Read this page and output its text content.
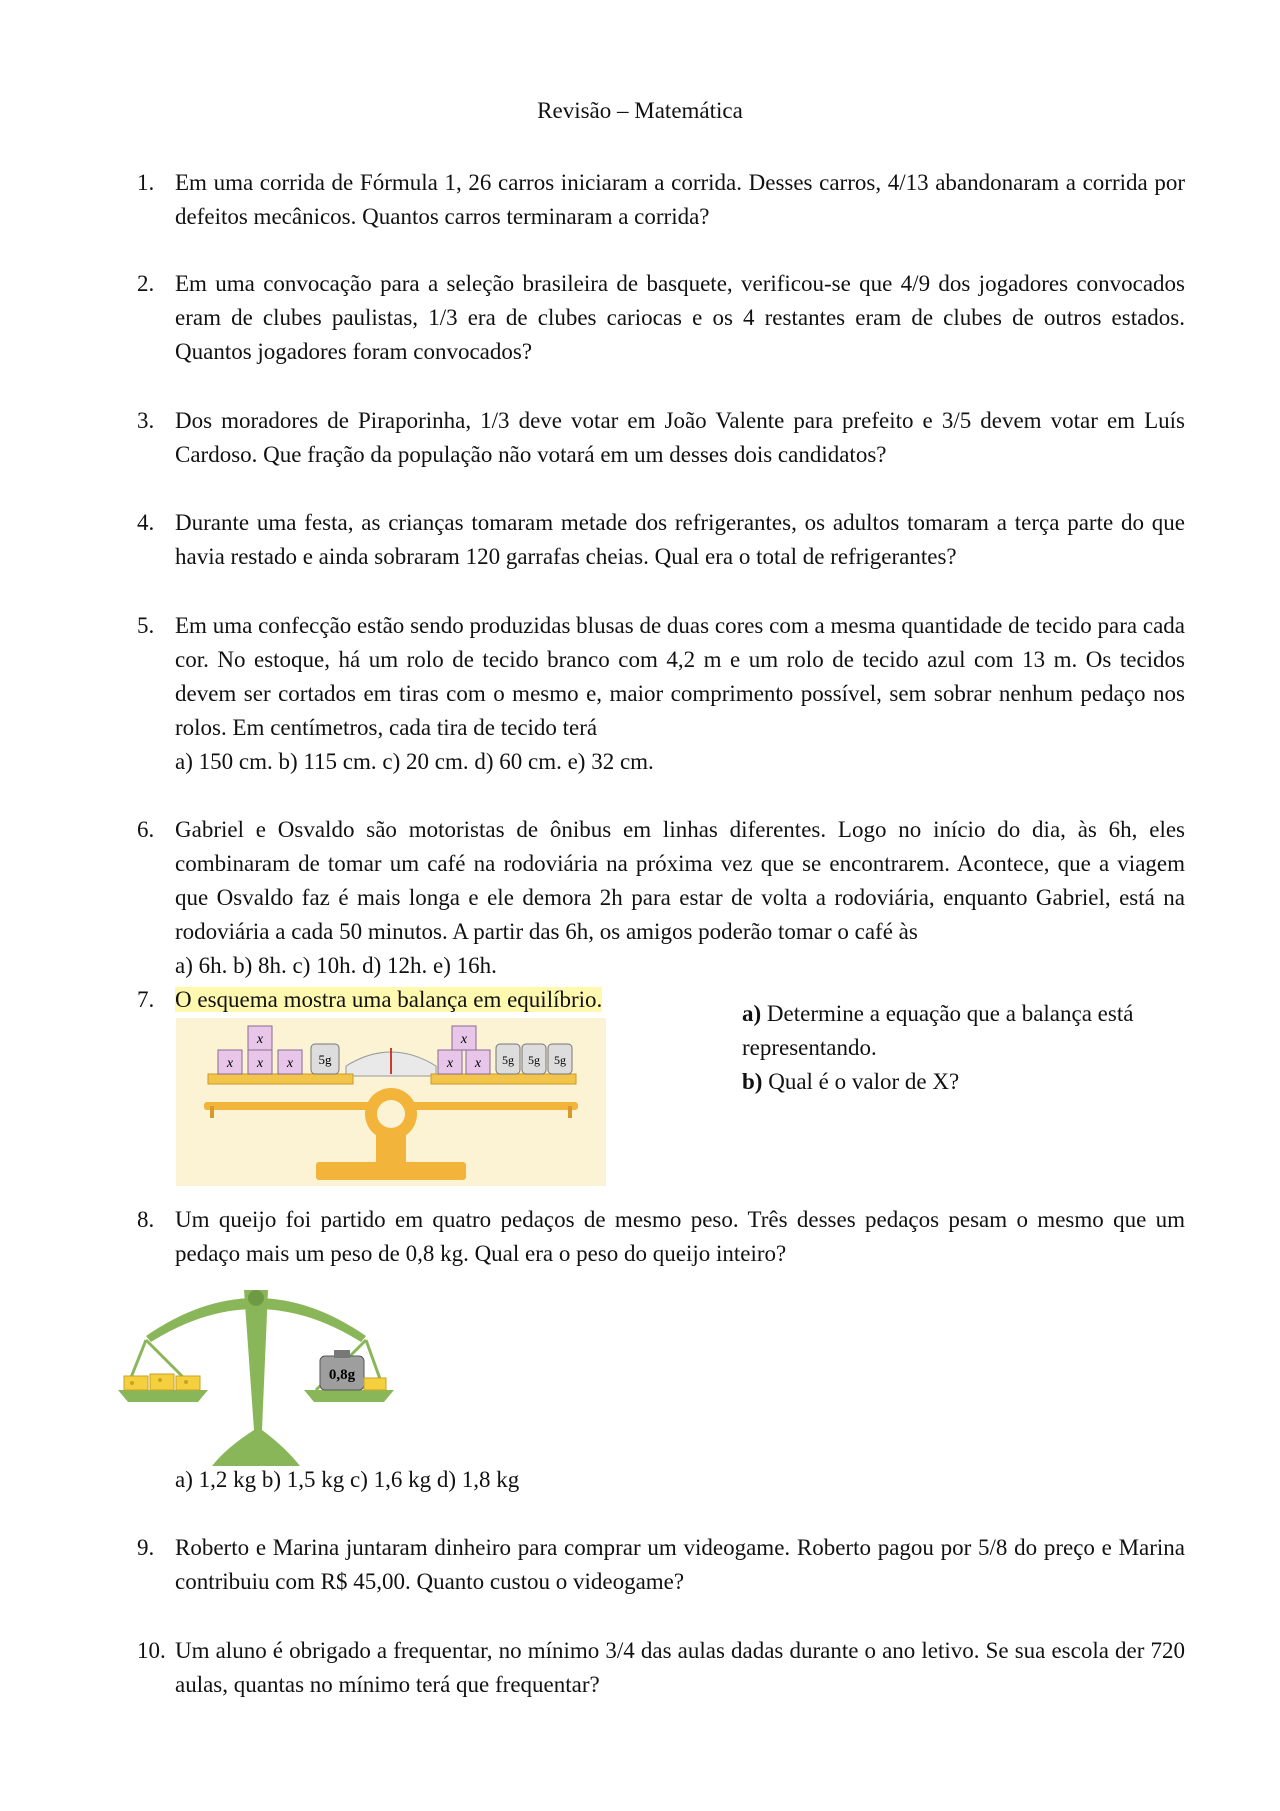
Revisão – Matemática
1. Em uma corrida de Fórmula 1, 26 carros iniciaram a corrida. Desses carros, 4/13 abandonaram a corrida por defeitos mecânicos. Quantos carros terminaram a corrida?

2. Em uma convocação para a seleção brasileira de basquete, verificou-se que 4/9 dos jogadores convocados eram de clubes paulistas, 1/3 era de clubes cariocas e os 4 restantes eram de clubes de outros estados. Quantos jogadores foram convocados?

3. Dos moradores de Piraporinha, 1/3 deve votar em João Valente para prefeito e 3/5 devem votar em Luís Cardoso. Que fração da população não votará em um desses dois candidatos?

4. Durante uma festa, as crianças tomaram metade dos refrigerantes, os adultos tomaram a terça parte do que havia restado e ainda sobraram 120 garrafas cheias. Qual era o total de refrigerantes?

5. Em uma confecção estão sendo produzidas blusas de duas cores com a mesma quantidade de tecido para cada cor. No estoque, há um rolo de tecido branco com 4,2 m e um rolo de tecido azul com 13 m. Os tecidos devem ser cortados em tiras com o mesmo e, maior comprimento possível, sem sobrar nenhum pedaço nos rolos. Em centímetros, cada tira de tecido terá

a) 150 cm. b) 115 cm. c) 20 cm. d) 60 cm. e) 32 cm.
6. Gabriel e Osvaldo são motoristas de ônibus em linhas diferentes. Logo no início do dia, às 6h, eles combinaram de tomar um café na rodoviária na próxima vez que se encontrarem. Acontece, que a viagem que Osvaldo faz é mais longa e ele demora 2h para estar de volta a rodoviária, enquanto Gabriel, está na rodoviária a cada 50 minutos. A partir das 6h, os amigos poderão tomar o café às

a) 6h. b) 8h. c) 10h. d) 12h. e) 16h.
7. O esquema mostra uma balança em equilíbrio.
a) Determine a equação que a balança está representando.
b) Qual é o valor de X?
x x x
x
5g	x x
x
5g 5g 5g
8. Um queijo foi partido em quatro pedaços de mesmo peso. Três desses pedaços pesam o mesmo que um pedaço mais um peso de 0,8 kg. Qual era o peso do queijo inteiro?

0,8g
a) 1,2 kg b) 1,5 kg c) 1,6 kg d) 1,8 kg
9. Roberto e Marina juntaram dinheiro para comprar um videogame. Roberto pagou por 5/8 do preço e Marina contribuiu com R$ 45,00. Quanto custou o videogame?

10. Um aluno é obrigado a frequentar, no mínimo 3/4 das aulas dadas durante o ano letivo. Se sua escola der 720 aulas, quantas no mínimo terá que frequentar?
